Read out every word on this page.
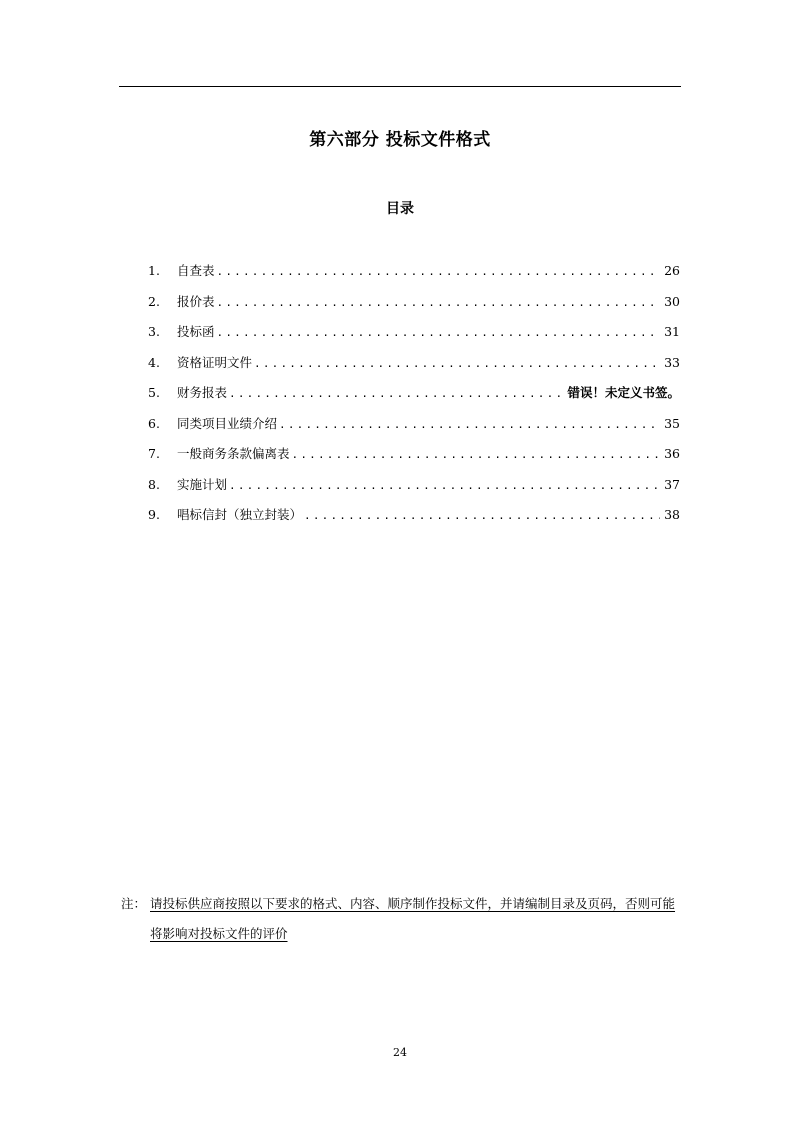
第六部分 投标文件格式
目录
1.	自查表 .....	26
2.	报价表 .....	30
3.	投标函 .....	31
4.	资格证明文件 .....	33
5.	财务报表 .....	错误！未定义书签。
6.	同类项目业绩介绍 .....	35
7.	一般商务条款偏离表 .....	36
8.	实施计划 .....	37
9.	唱标信封（独立封装） .....	38
注： 请投标供应商按照以下要求的格式、内容、顺序制作投标文件，并请编制目录及页码，否则可能将影响对投标文件的评价
24
